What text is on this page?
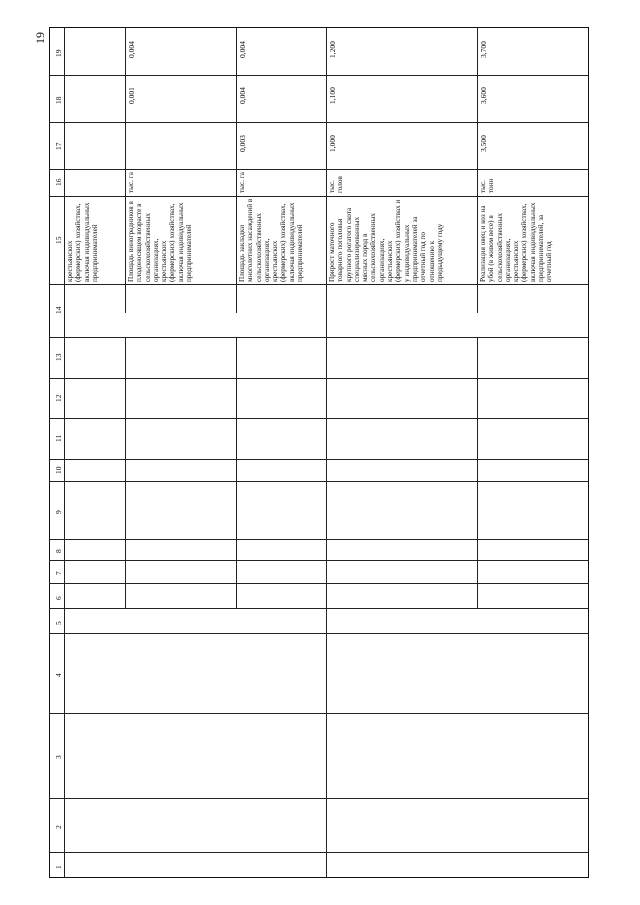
19
1
2
3
4
5
6
7
8
9
10
11
12
13
14
15
16
17
18
19
крестьянских (фермерских) хозяйствах, включая индивидуальных предпринимателей	Площадь виноградников в плодоносящем возрасте в сельскохозяйственных организациях, крестьянских (фермерских) хозяйствах, включая индивидуальных предпринимателей
тыс. га
0,001
0,004
Площадь закладки многолетних насаждений в сельскохозяйственных организациях, крестьянских (фермерских) хозяйствах, включая индивидуальных предпринимателей
тыс. га
0,003
0,004
0,004
Прирост маточного товарного поголовья крупного рогатого скота специализированных мясных пород в сельскохозяйственных организациях, крестьянских (фермерских) хозяйствах и у индивидуальных предпринимателей за отчетный год по отношению к предыдущему году
тыс. голов
1,000
1,100
1,200
Реализация овец и коз на убой (в живом весе) в сельскохозяйственных организациях, крестьянских (фермерских) хозяйствах, включая индивидуальных предпринимателей, за отчетный год
тыс. тонн
3,500
3,600
3,700
